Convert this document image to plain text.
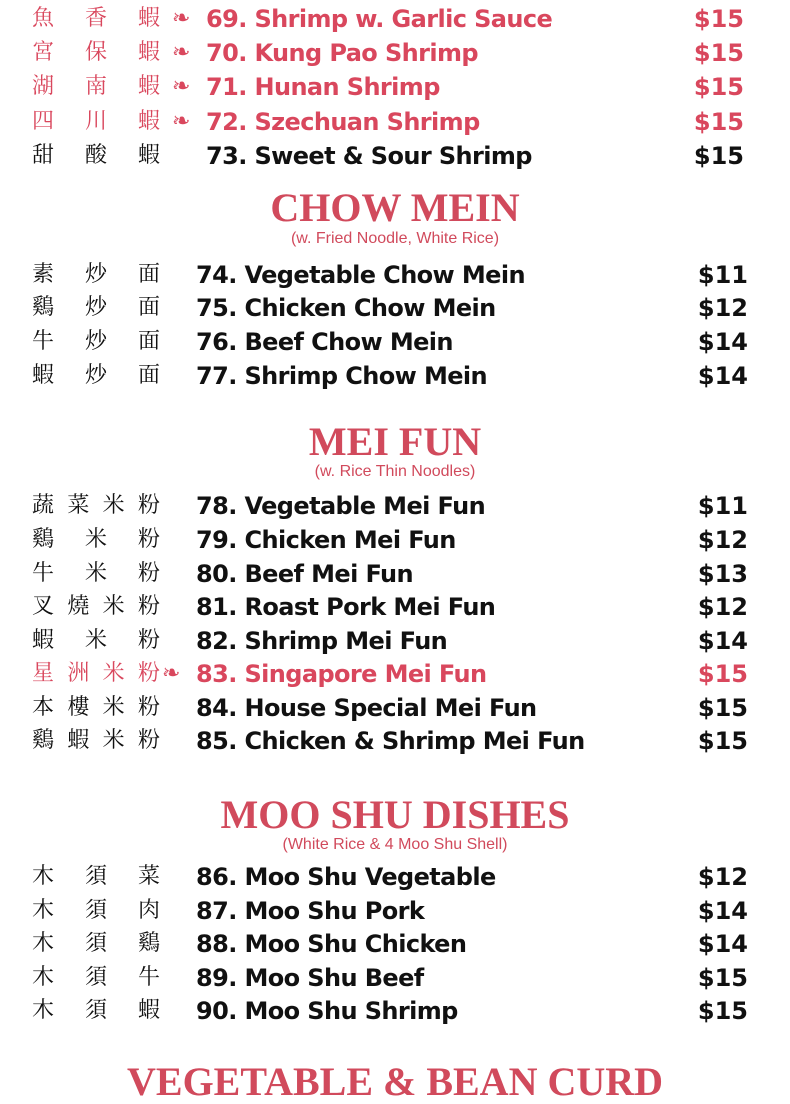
魚 香 蝦 ❧ 69. Shrimp w. Garlic Sauce	$15
宮 保 蝦 ❧ 70. Kung Pao Shrimp	$15
湖 南 蝦 ❧ 71. Hunan Shrimp	$15
四 川 蝦 ❧ 72. Szechuan Shrimp	$15
甜 酸 蝦 73. Sweet & Sour Shrimp	$15
素 炒 面 74. Vegetable Chow Mein	$11
鷄 炒 面 75. Chicken Chow Mein	$12
牛 炒 面 76. Beef Chow Mein	$14
蝦 炒 面 77. Shrimp Chow Mein	$14
蔬 菜 米 粉 78. Vegetable Mei Fun	$11
鷄 米 粉 79. Chicken Mei Fun	$12
牛 米 粉 80. Beef Mei Fun	$13
叉 燒 米 粉 81. Roast Pork Mei Fun	$12
蝦 米 粉 82. Shrimp Mei Fun	$14
星 洲 米 粉 ❧ 83. Singapore Mei Fun	$15
本 樓 米 粉 84. House Special Mei Fun	$15
鷄 蝦 米 粉 85. Chicken & Shrimp Mei Fun	$15
木 須 菜 86. Moo Shu Vegetable	$12
木 須 肉 87. Moo Shu Pork	$14
木 須 鷄 88. Moo Shu Chicken	$14
木 須 牛 89. Moo Shu Beef	$15
木 須 蝦 90. Moo Shu Shrimp	$15
CHOW MEIN
(w. Fried Noodle, White Rice)
MEI FUN
(w. Rice Thin Noodles)
MOO SHU DISHES
(White Rice & 4 Moo Shu Shell)
VEGETABLE & BEAN CURD
